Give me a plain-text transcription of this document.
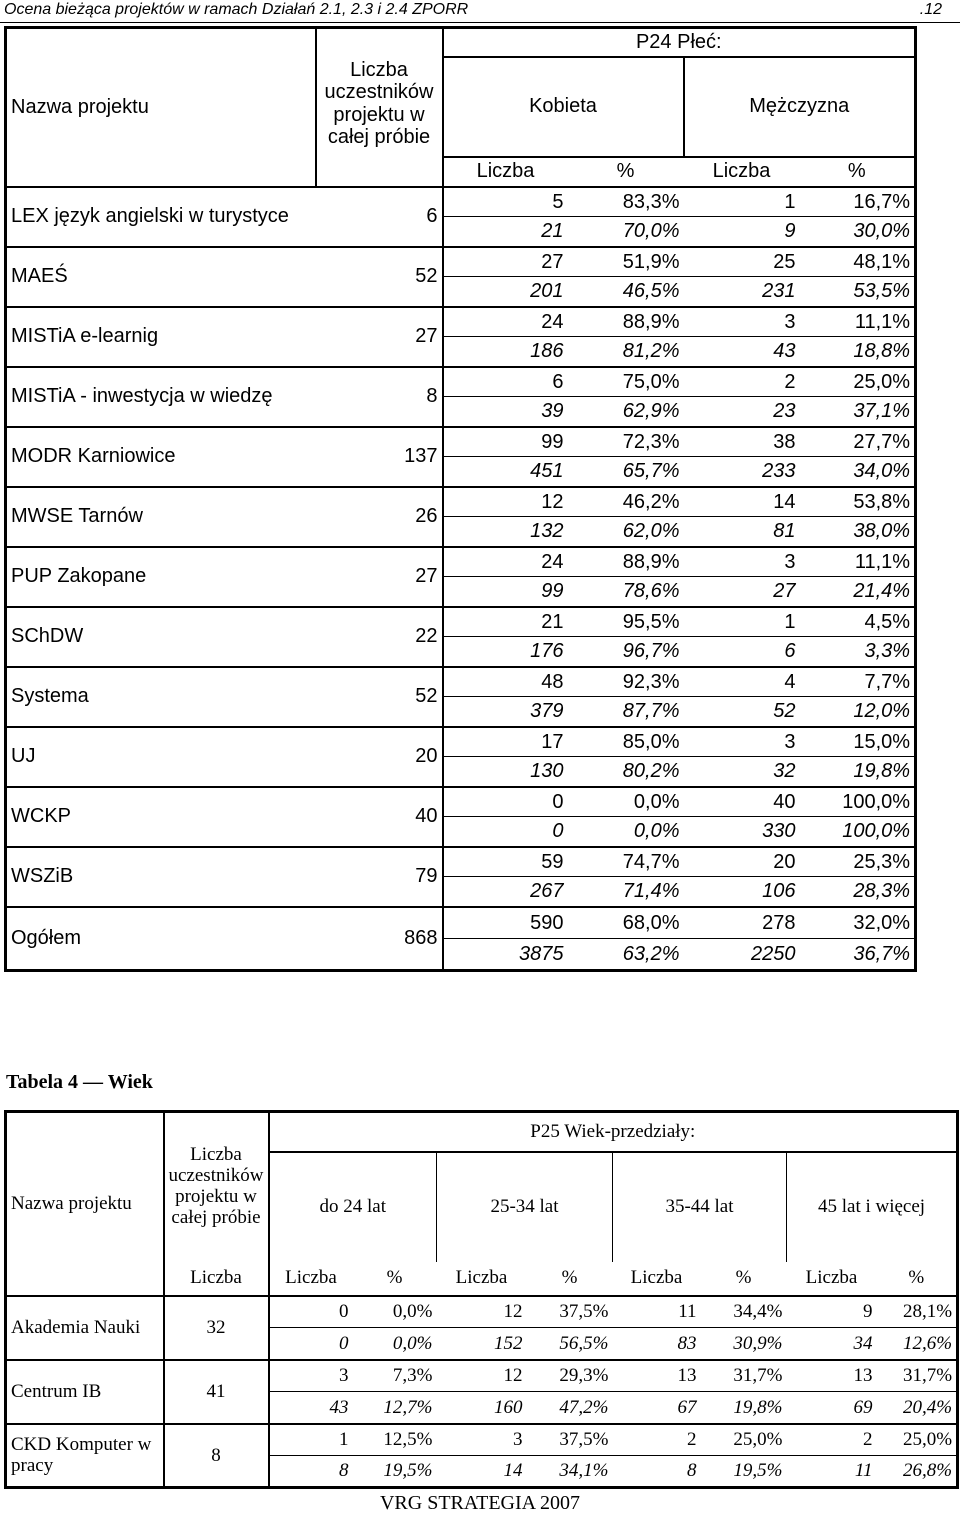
Ocena bieżąca projektów w ramach Działań 2.1, 2.3 i 2.4 ZPORR	.12
Nazwa projektu	Liczba uczestników projektu w całej próbie	P24 Płeć:			
		Kobieta		Mężczyzna	
		Liczba	%	Liczba	%
LEX język angielski w turystyce	6	5	83,3%	1	16,7%
		21	70,0%	9	30,0%
MAEŚ	52	27	51,9%	25	48,1%
		201	46,5%	231	53,5%
MISTiA e-learnig	27	24	88,9%	3	11,1%
		186	81,2%	43	18,8%
MISTiA - inwestycja w wiedzę	8	6	75,0%	2	25,0%
		39	62,9%	23	37,1%
MODR Karniowice	137	99	72,3%	38	27,7%
		451	65,7%	233	34,0%
MWSE Tarnów	26	12	46,2%	14	53,8%
		132	62,0%	81	38,0%
PUP Zakopane	27	24	88,9%	3	11,1%
		99	78,6%	27	21,4%
SChDW	22	21	95,5%	1	4,5%
		176	96,7%	6	3,3%
Systema	52	48	92,3%	4	7,7%
		379	87,7%	52	12,0%
UJ	20	17	85,0%	3	15,0%
		130	80,2%	32	19,8%
WCKP	40	0	0,0%	40	100,0%
		0	0,0%	330	100,0%
WSZiB	79	59	74,7%	20	25,3%
		267	71,4%	106	28,3%
Ogółem	868	590	68,0%	278	32,0%
		3875	63,2%	2250	36,7%
Tabela 4 — Wiek
Nazwa projektu	Liczba uczestników projektu w całej próbie	P25 Wiek-przedziały:							
		do 24 lat		25-34 lat		35-44 lat		45 lat i więcej	
	Liczba	Liczba	%	Liczba	%	Liczba	%	Liczba	%
Akademia Nauki	32	0	0,0%	12	37,5%	11	34,4%	9	28,1%
		0	0,0%	152	56,5%	83	30,9%	34	12,6%
Centrum IB	41	3	7,3%	12	29,3%	13	31,7%	13	31,7%
		43	12,7%	160	47,2%	67	19,8%	69	20,4%
CKD Komputer w pracy	8	1	12,5%	3	37,5%	2	25,0%	2	25,0%
		8	19,5%	14	34,1%	8	19,5%	11	26,8%
VRG STRATEGIA 2007
